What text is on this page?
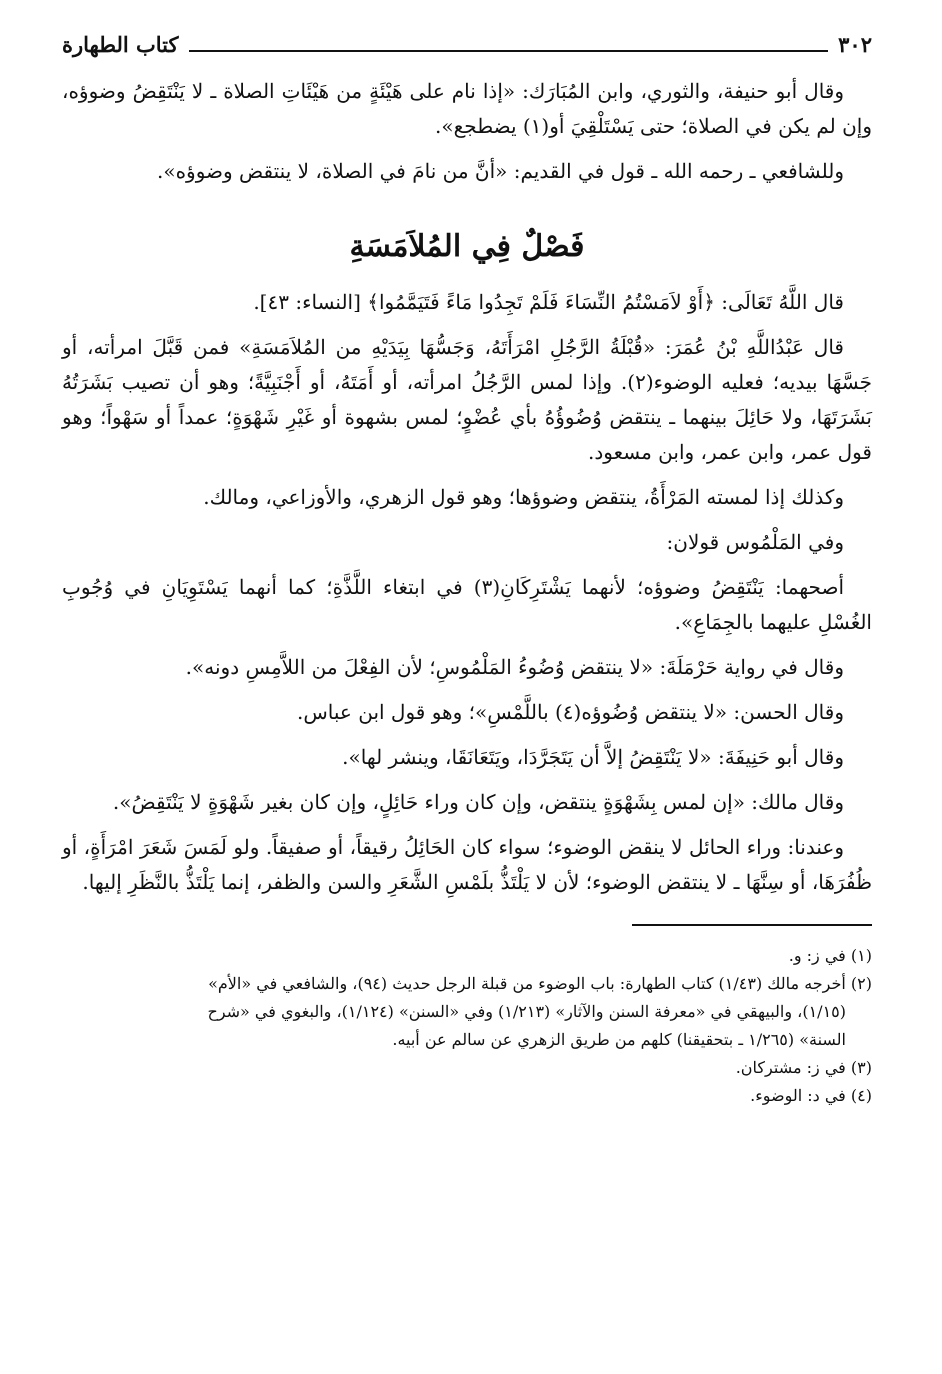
٣٠٢
كتاب الطهارة

وقال أبو حنيفة، والثوري، وابن المُبَارَك: «إذا نام على هَيْئَةٍ من هَيْئَاتِ الصلاة ـ لا يَنْتَقِضُ وضوؤه، وإن لم يكن في الصلاة؛ حتى يَسْتَلْقِيَ أو(١) يضطجع».

وللشافعي ـ رحمه الله ـ قول في القديم: «أنَّ من نامَ في الصلاة، لا ينتقض وضوؤه».

فَصْلٌ فِي المُلاَمَسَةِ

قال اللَّهُ تَعَالَى: ﴿أَوْ لاَمَسْتُمُ النِّسَاءَ فَلَمْ تَجِدُوا مَاءً فَتَيَمَّمُوا﴾ [النساء: ٤٣].

قال عَبْدُاللَّهِ بْنُ عُمَرَ: «قُبْلَةُ الرَّجُلِ امْرَأَتَهُ، وَجَسُّهَا بِيَدَيْهِ من المُلاَمَسَةِ» فمن قَبَّلَ امرأته، أو جَسَّهَا بيديه؛ فعليه الوضوء(٢). وإذا لمس الرَّجُلُ امرأته، أو أَمَتَهُ، أو أَجْنَبِيَّةً؛ وهو أن تصيب بَشَرَتُهُ بَشَرَتَهَا، ولا حَائِلَ بينهما ـ ينتقض وُضُوؤُهُ بأي عُضْوٍ؛ لمس بشهوة أو غَيْرِ شَهْوَةٍ؛ عمداً أو سَهْواً؛ وهو قول عمر، وابن عمر، وابن مسعود.

وكذلك إذا لمسته المَرْأَةُ، ينتقض وضوؤها؛ وهو قول الزهري، والأوزاعي، ومالك.

وفي المَلْمُوس قولان:

أصحهما: يَنْتَقِضُ وضوؤه؛ لأنهما يَشْتَرِكَانِ(٣) في ابتغاء اللَّذَّةِ؛ كما أنهما يَسْتَوِيَانِ في وُجُوبِ الغُسْلِ عليهما بالجِمَاعِ».

وقال في رواية حَرْمَلَةَ: «لا ينتقض وُضُوءُ المَلْمُوسِ؛ لأن الفِعْلَ من اللاَّمِسِ دونه».

وقال الحسن: «لا ينتقض وُضُوؤه(٤) باللَّمْسِ»؛ وهو قول ابن عباس.

وقال أبو حَنِيفَةَ: «لا يَنْتَقِضُ إلاَّ أن يَتَجَرَّدَا، ويَتَعَانَقَا، وينشر لها».

وقال مالك: «إن لمس بِشَهْوَةٍ ينتقض، وإن كان وراء حَائِلٍ، وإن كان بغير شَهْوَةٍ لا يَنْتَقِضُ».

وعندنا: وراء الحائل لا ينقض الوضوء؛ سواء كان الحَائِلُ رقيقاً، أو صفيقاً. ولو لَمَسَ شَعَرَ امْرَأَةٍ، أو ظُفُرَهَا، أو سِنَّهَا ـ لا ينتقض الوضوء؛ لأن لا يَلْتَذُّ بلَمْسِ الشَّعَرِ والسن والظفر، إنما يَلْتَذُّ بالنَّظَرِ إليها.

(١) في ز: و.

(٢) أخرجه مالك (١/٤٣) كتاب الطهارة: باب الوضوء من قبلة الرجل حديث (٩٤)، والشافعي في «الأم»

(١/١٥)، والبيهقي في «معرفة السنن والآثار» (١/٢١٣) وفي «السنن» (١/١٢٤)، والبغوي في «شرح

السنة» (١/٢٦٥ ـ بتحقيقنا) كلهم من طريق الزهري عن سالم عن أبيه.

(٣) في ز: مشتركان.

(٤) في د: الوضوء.
